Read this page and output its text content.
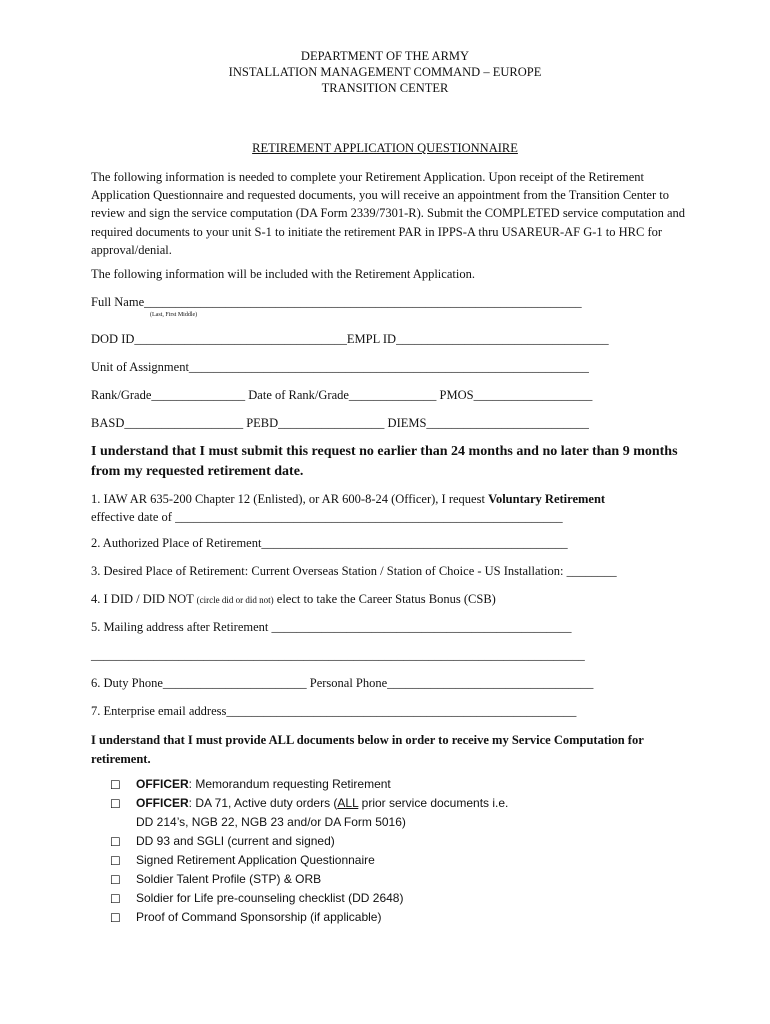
DEPARTMENT OF THE ARMY
INSTALLATION MANAGEMENT COMMAND – EUROPE
TRANSITION CENTER
RETIREMENT APPLICATION QUESTIONNAIRE
The following information is needed to complete your Retirement Application. Upon receipt of the Retirement Application Questionnaire and requested documents, you will receive an appointment from the Transition Center to review and sign the service computation (DA Form 2339/7301-R). Submit the COMPLETED service computation and required documents to your unit S-1 to initiate the retirement PAR in IPPS-A thru USAREUR-AF G-1 to HRC for approval/denial.
The following information will be included with the Retirement Application.
Full Name______________________________________________________________________
(Last, First Middle)
DOD ID__________________________________EMPL ID__________________________________
Unit of Assignment________________________________________________________________
Rank/Grade_______________ Date of Rank/Grade______________ PMOS___________________
BASD___________________ PEBD_________________ DIEMS__________________________
I understand that I must submit this request no earlier than 24 months and no later than 9 months from my requested retirement date.
1. IAW AR 635-200 Chapter 12 (Enlisted), or AR 600-8-24 (Officer), I request Voluntary Retirement
effective date of ______________________________________________________________
2. Authorized Place of Retirement_________________________________________________
3. Desired Place of Retirement: Current Overseas Station / Station of Choice - US Installation: ________
4. I DID / DID NOT (circle did or did not) elect to take the Career Status Bonus (CSB)
5. Mailing address after Retirement ________________________________________________
_______________________________________________________________________________
6. Duty Phone_______________________ Personal Phone_________________________________
7. Enterprise email address________________________________________________________
I understand that I must provide ALL documents below in order to receive my Service Computation for retirement.
☐ OFFICER: Memorandum requesting Retirement
☐ OFFICER: DA 71, Active duty orders (ALL prior service documents i.e.
DD 214’s, NGB 22, NGB 23 and/or DA Form 5016)
☐ DD 93 and SGLI (current and signed)
☐ Signed Retirement Application Questionnaire
☐ Soldier Talent Profile (STP) & ORB
☐ Soldier for Life pre-counseling checklist (DD 2648)
☐ Proof of Command Sponsorship (if applicable)
